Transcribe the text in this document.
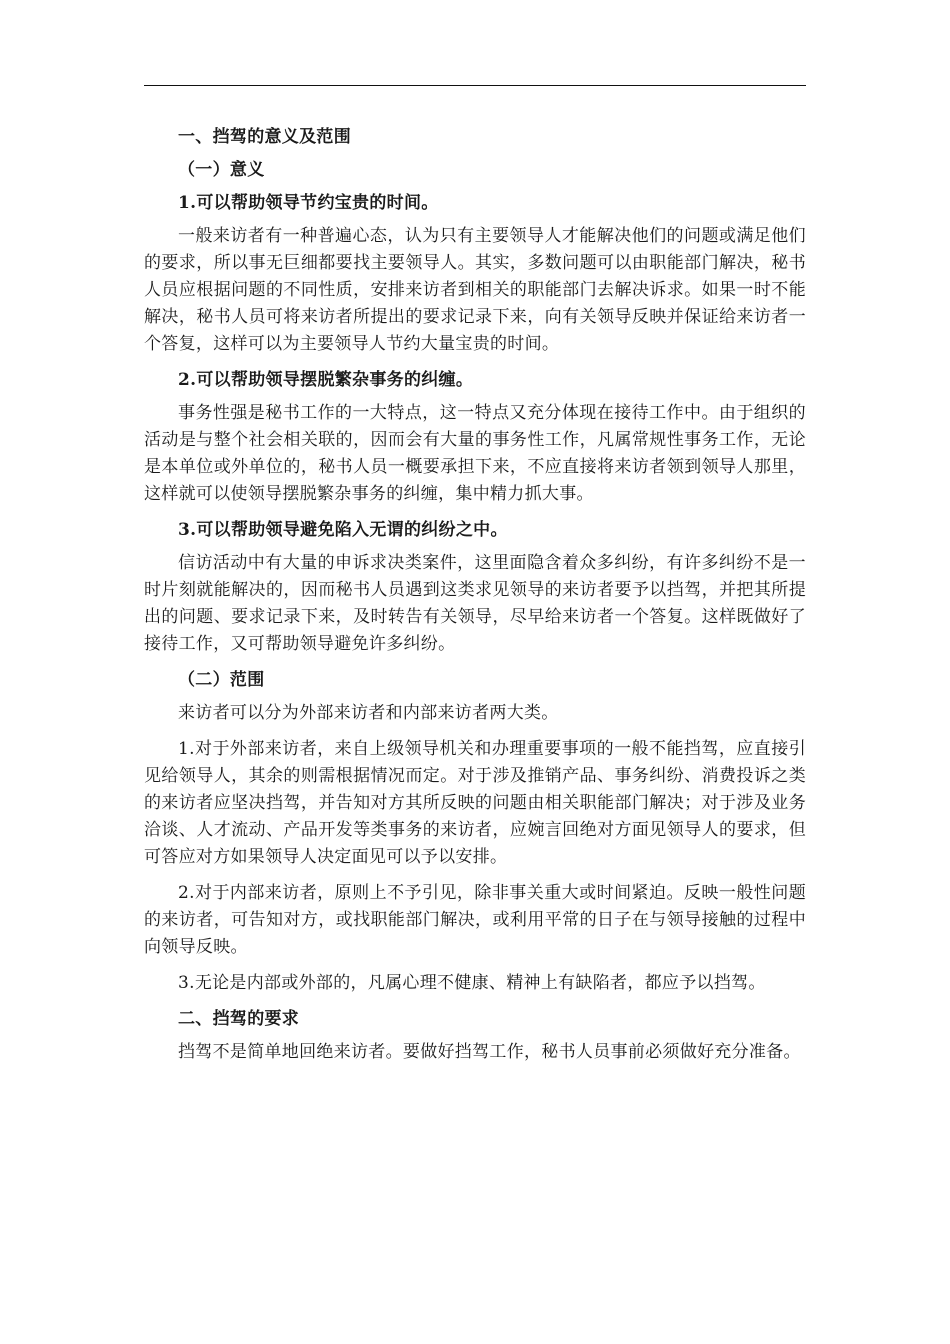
一、挡驾的意义及范围

（一）意义

1.可以帮助领导节约宝贵的时间。

一般来访者有一种普遍心态，认为只有主要领导人才能解决他们的问题或满足他们的要求，所以事无巨细都要找主要领导人。其实，多数问题可以由职能部门解决，秘书人员应根据问题的不同性质，安排来访者到相关的职能部门去解决诉求。如果一时不能解决，秘书人员可将来访者所提出的要求记录下来，向有关领导反映并保证给来访者一个答复，这样可以为主要领导人节约大量宝贵的时间。

2.可以帮助领导摆脱繁杂事务的纠缠。

事务性强是秘书工作的一大特点，这一特点又充分体现在接待工作中。由于组织的活动是与整个社会相关联的，因而会有大量的事务性工作，凡属常规性事务工作，无论是本单位或外单位的，秘书人员一概要承担下来，不应直接将来访者领到领导人那里，这样就可以使领导摆脱繁杂事务的纠缠，集中精力抓大事。

3.可以帮助领导避免陷入无谓的纠纷之中。

信访活动中有大量的申诉求决类案件，这里面隐含着众多纠纷，有许多纠纷不是一时片刻就能解决的，因而秘书人员遇到这类求见领导的来访者要予以挡驾，并把其所提出的问题、要求记录下来，及时转告有关领导，尽早给来访者一个答复。这样既做好了接待工作，又可帮助领导避免许多纠纷。

（二）范围

来访者可以分为外部来访者和内部来访者两大类。

1.对于外部来访者，来自上级领导机关和办理重要事项的一般不能挡驾，应直接引见给领导人，其余的则需根据情况而定。对于涉及推销产品、事务纠纷、消费投诉之类的来访者应坚决挡驾，并告知对方其所反映的问题由相关职能部门解决；对于涉及业务洽谈、人才流动、产品开发等类事务的来访者，应婉言回绝对方面见领导人的要求，但可答应对方如果领导人决定面见可以予以安排。

2.对于内部来访者，原则上不予引见，除非事关重大或时间紧迫。反映一般性问题的来访者，可告知对方，或找职能部门解决，或利用平常的日子在与领导接触的过程中向领导反映。

3.无论是内部或外部的，凡属心理不健康、精神上有缺陷者，都应予以挡驾。

二、挡驾的要求

挡驾不是简单地回绝来访者。要做好挡驾工作，秘书人员事前必须做好充分准备。
